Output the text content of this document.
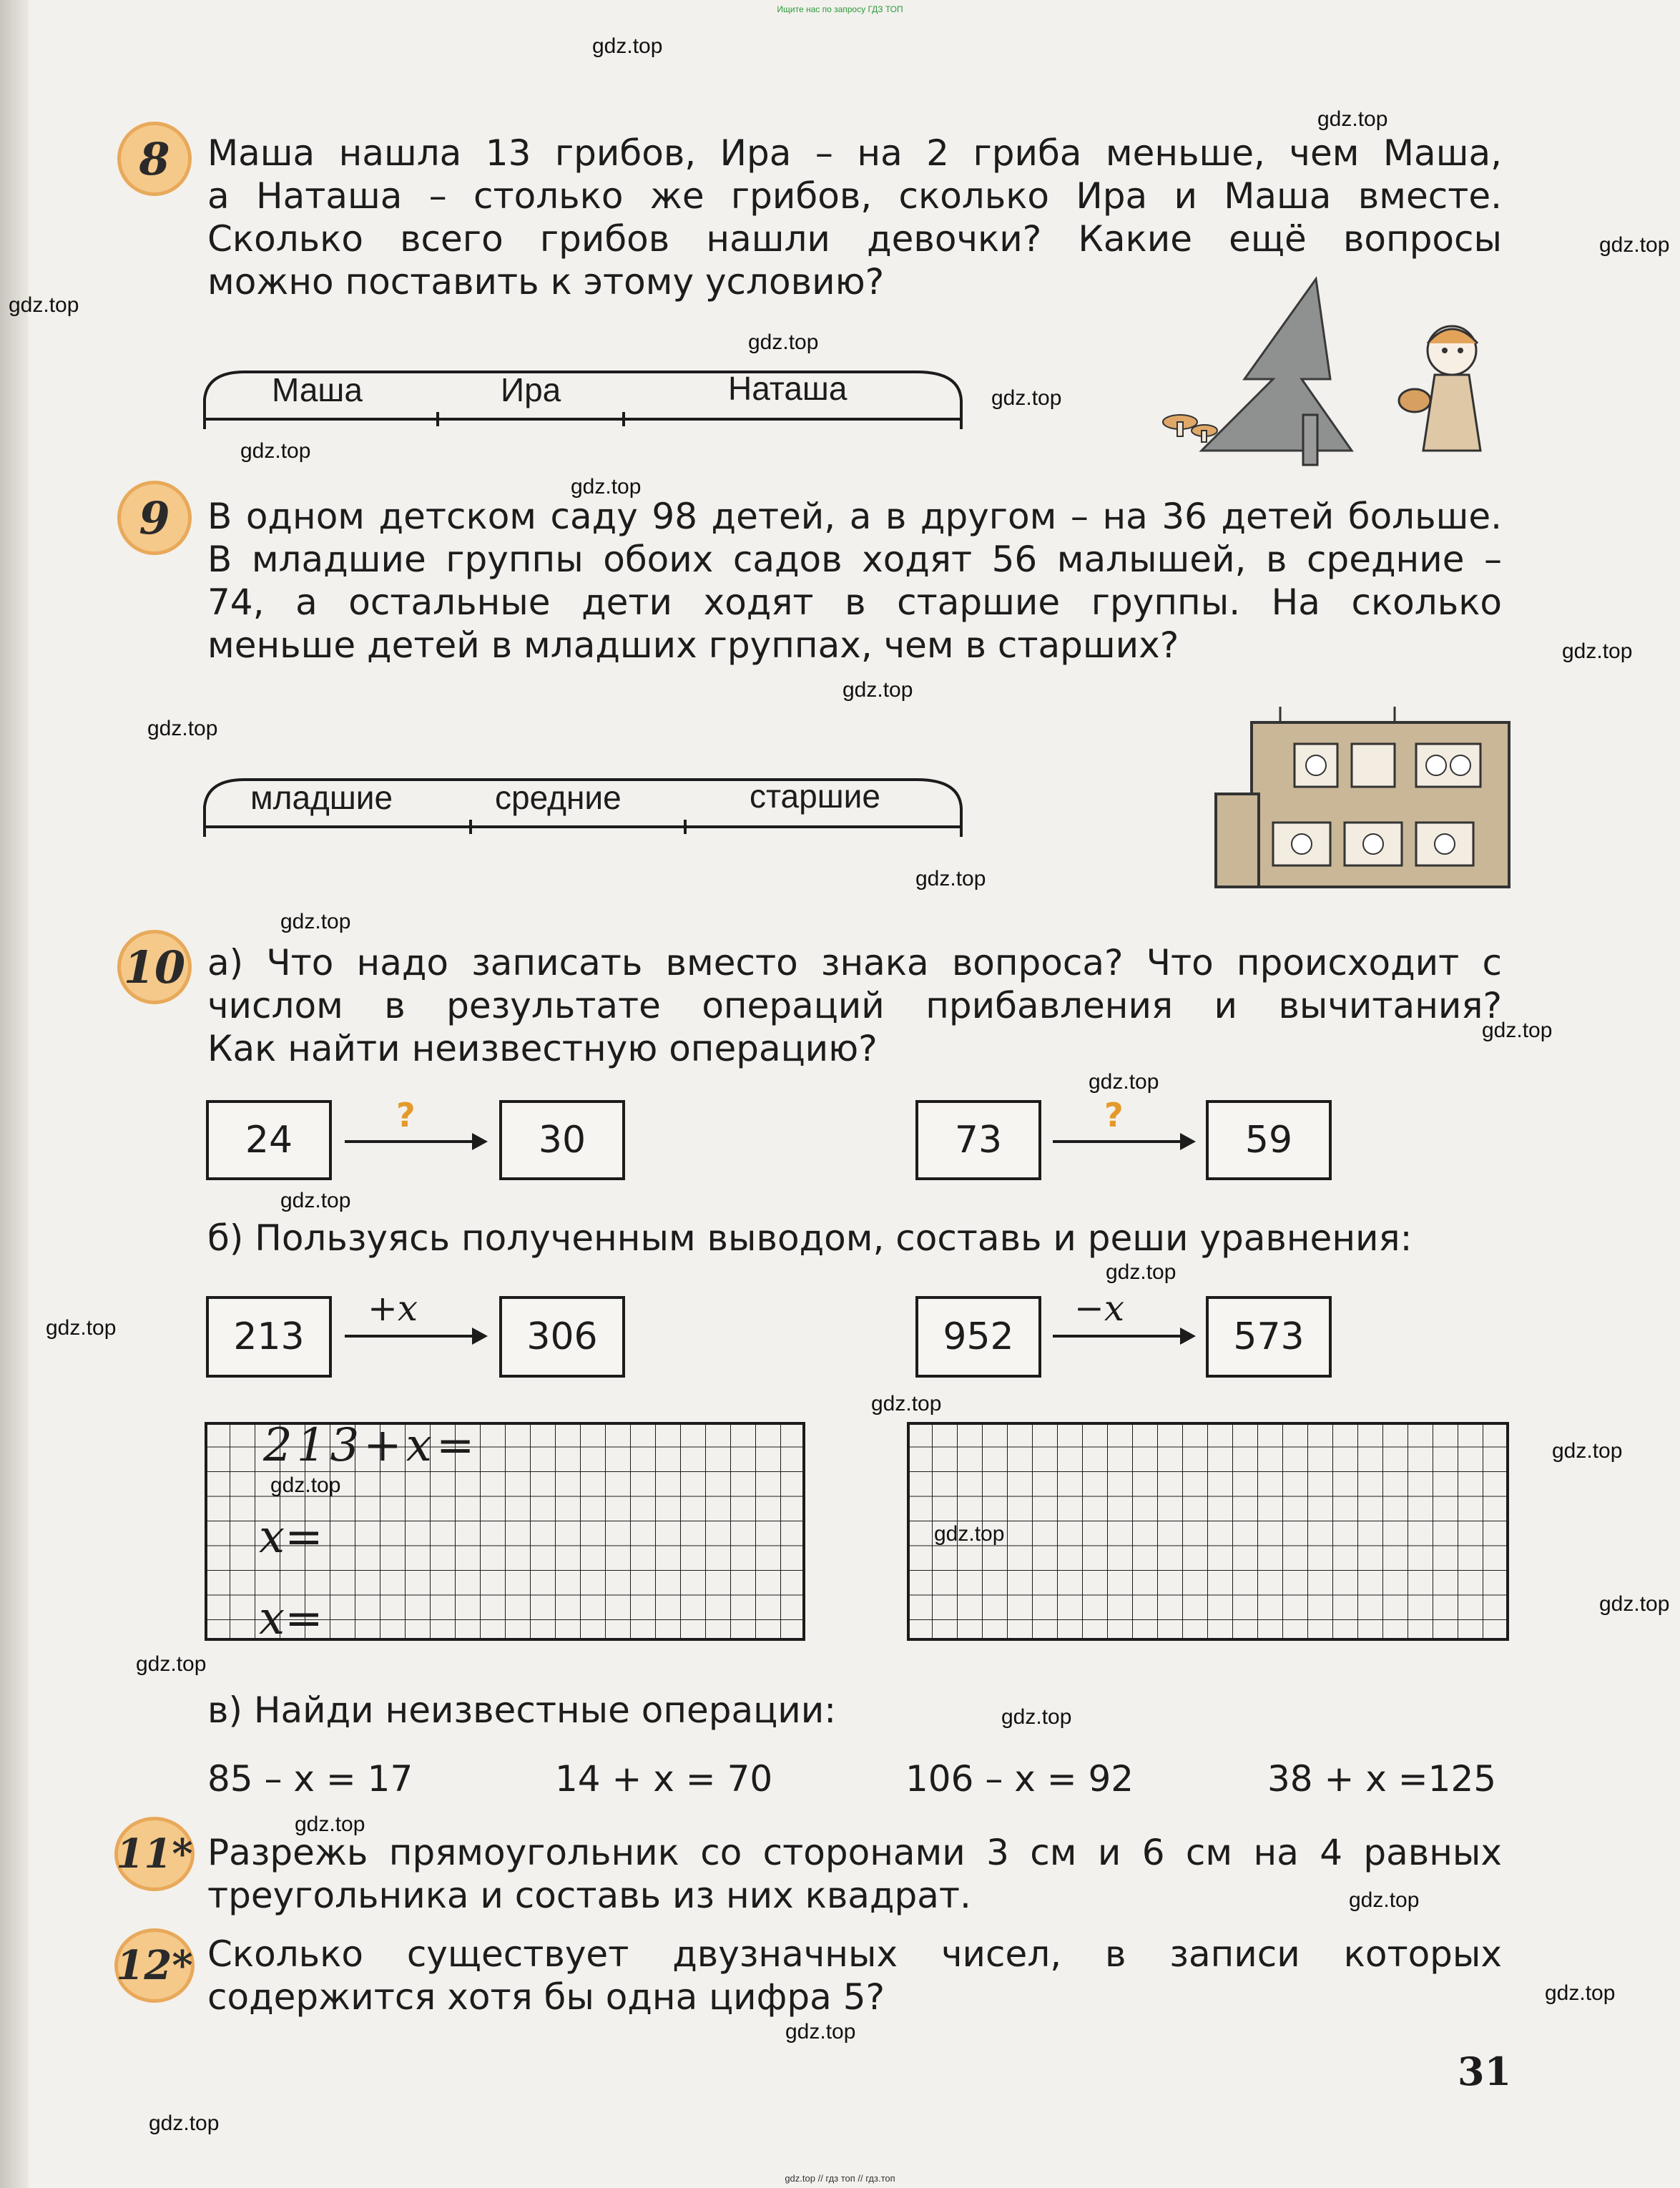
Ищите нас по запросу ГДЗ ТОП
gdz.top
gdz.top
gdz.top
gdz.top
gdz.top
gdz.top
gdz.top
gdz.top
gdz.top
gdz.top
gdz.top
gdz.top
gdz.top
gdz.top
gdz.top
gdz.top
gdz.top
gdz.top
gdz.top
gdz.top
gdz.top
gdz.top
gdz.top
gdz.top
gdz.top
gdz.top
gdz.top
gdz.top
8	Маша нашла 13 грибов, Ира – на 2 гриба меньше, чем Маша,
а Наташа – столько же грибов, сколько Ира и Маша вместе.
Сколько всего грибов нашли девочки? Какие ещё вопросы
можно поставить к этому условию?
Маша	Ира	Наташа
9	В одном детском саду 98 детей, а в другом – на 36 детей больше.
В младшие группы обоих садов ходят 56 малышей, в средние –
74, а остальные дети ходят в старшие группы. На сколько
меньше детей в младших группах, чем в старших?
младшие	средние	старшие
10 а) Что надо записать вместо знака вопроса? Что происходит с
числом в результате операций прибавления и вычитания?
Как найти неизвестную операцию?
24
?
30	73
?
59
б) Пользуясь полученным выводом, составь и реши уравнения:
213
+x
306	952
−x
573
213+x=
x=
x=
в) Найди неизвестные операции:
85 – x = 17	14 + x = 70	106 – x = 92	38 + x =125
11* Разрежь прямоугольник со сторонами 3 см и 6 см на 4 равных
треугольника и составь из них квадрат.
12* Сколько существует двузначных чисел, в записи которых
содержится хотя бы одна цифра 5?
31
gdz.top // гдз топ // гдз.топ
